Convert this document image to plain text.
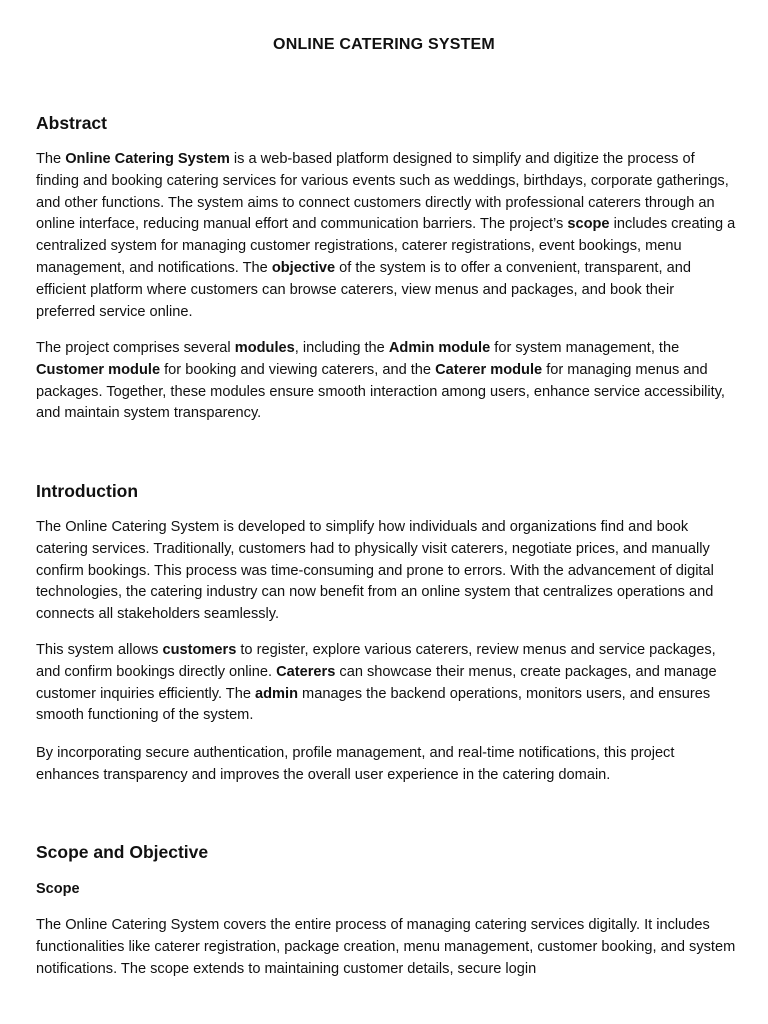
ONLINE CATERING SYSTEM
Abstract

The Online Catering System is a web-based platform designed to simplify and digitize the process of finding and booking catering services for various events such as weddings, birthdays, corporate gatherings, and other functions. The system aims to connect customers directly with professional caterers through an online interface, reducing manual effort and communication barriers. The project’s scope includes creating a centralized system for managing customer registrations, caterer registrations, event bookings, menu management, and notifications. The objective of the system is to offer a convenient, transparent, and efficient platform where customers can browse caterers, view menus and packages, and book their preferred service online.

The project comprises several modules, including the Admin module for system management, the Customer module for booking and viewing caterers, and the Caterer module for managing menus and packages. Together, these modules ensure smooth interaction among users, enhance service accessibility, and maintain system transparency.

Introduction

The Online Catering System is developed to simplify how individuals and organizations find and book catering services. Traditionally, customers had to physically visit caterers, negotiate prices, and manually confirm bookings. This process was time-consuming and prone to errors. With the advancement of digital technologies, the catering industry can now benefit from an online system that centralizes operations and connects all stakeholders seamlessly.

This system allows customers to register, explore various caterers, review menus and service packages, and confirm bookings directly online. Caterers can showcase their menus, create packages, and manage customer inquiries efficiently. The admin manages the backend operations, monitors users, and ensures smooth functioning of the system.

By incorporating secure authentication, profile management, and real-time notifications, this project enhances transparency and improves the overall user experience in the catering domain.

Scope and Objective
Scope

The Online Catering System covers the entire process of managing catering services digitally. It includes functionalities like caterer registration, package creation, menu management, customer booking, and system notifications. The scope extends to maintaining customer details, secure login
